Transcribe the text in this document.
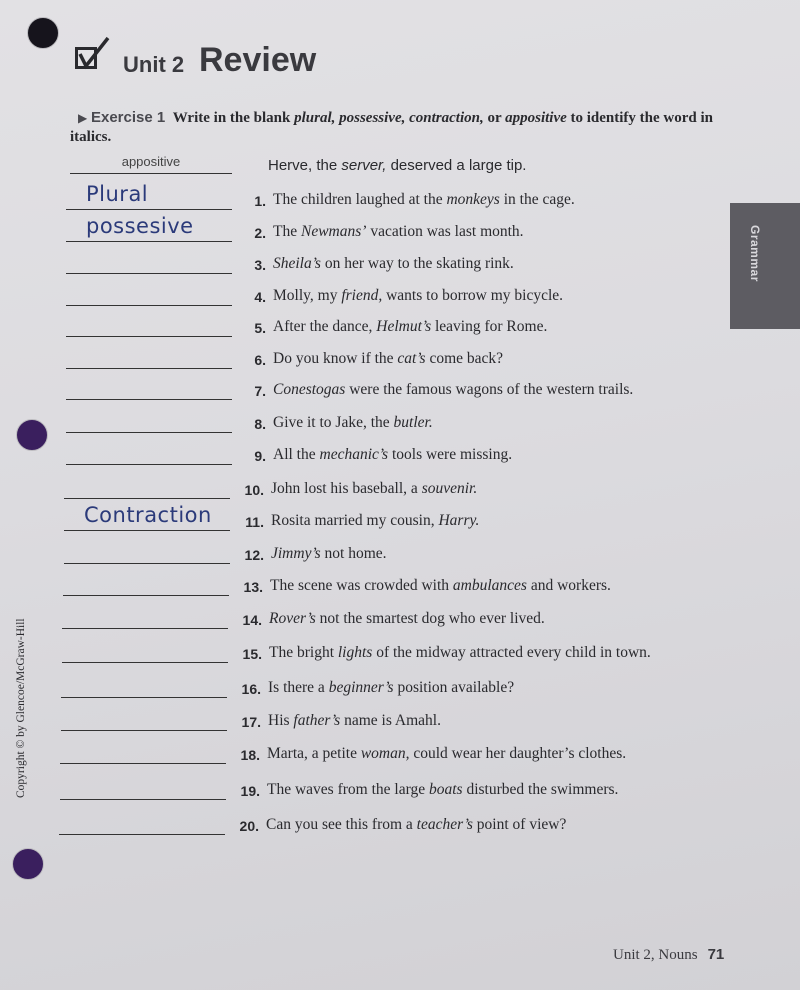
Unit 2 Review
▶ Exercise 1 Write in the blank plural, possessive, contraction, or appositive to identify the word in italics.
appositive	Herve, the server, deserved a large tip.
Plural	1. The children laughed at the monkeys in the cage.
possesive	2. The Newmans’ vacation was last month.
3. Sheila’s on her way to the skating rink.
4. Molly, my friend, wants to borrow my bicycle.
5. After the dance, Helmut’s leaving for Rome.
6. Do you know if the cat’s come back?
7. Conestogas were the famous wagons of the western trails.
8. Give it to Jake, the butler.
9. All the mechanic’s tools were missing.
10. John lost his baseball, a souvenir.
Contraction 11. Rosita married my cousin, Harry.
12. Jimmy’s not home.
13. The scene was crowded with ambulances and workers.
14. Rover’s not the smartest dog who ever lived.
15. The bright lights of the midway attracted every child in town.
16. Is there a beginner’s position available?
17. His father’s name is Amahl.
18. Marta, a petite woman, could wear her daughter’s clothes.
19. The waves from the large boats disturbed the swimmers.
20. Can you see this from a teacher’s point of view?
Grammar
Copyright © by Glencoe/McGraw-Hill
Unit 2, Nouns 71
